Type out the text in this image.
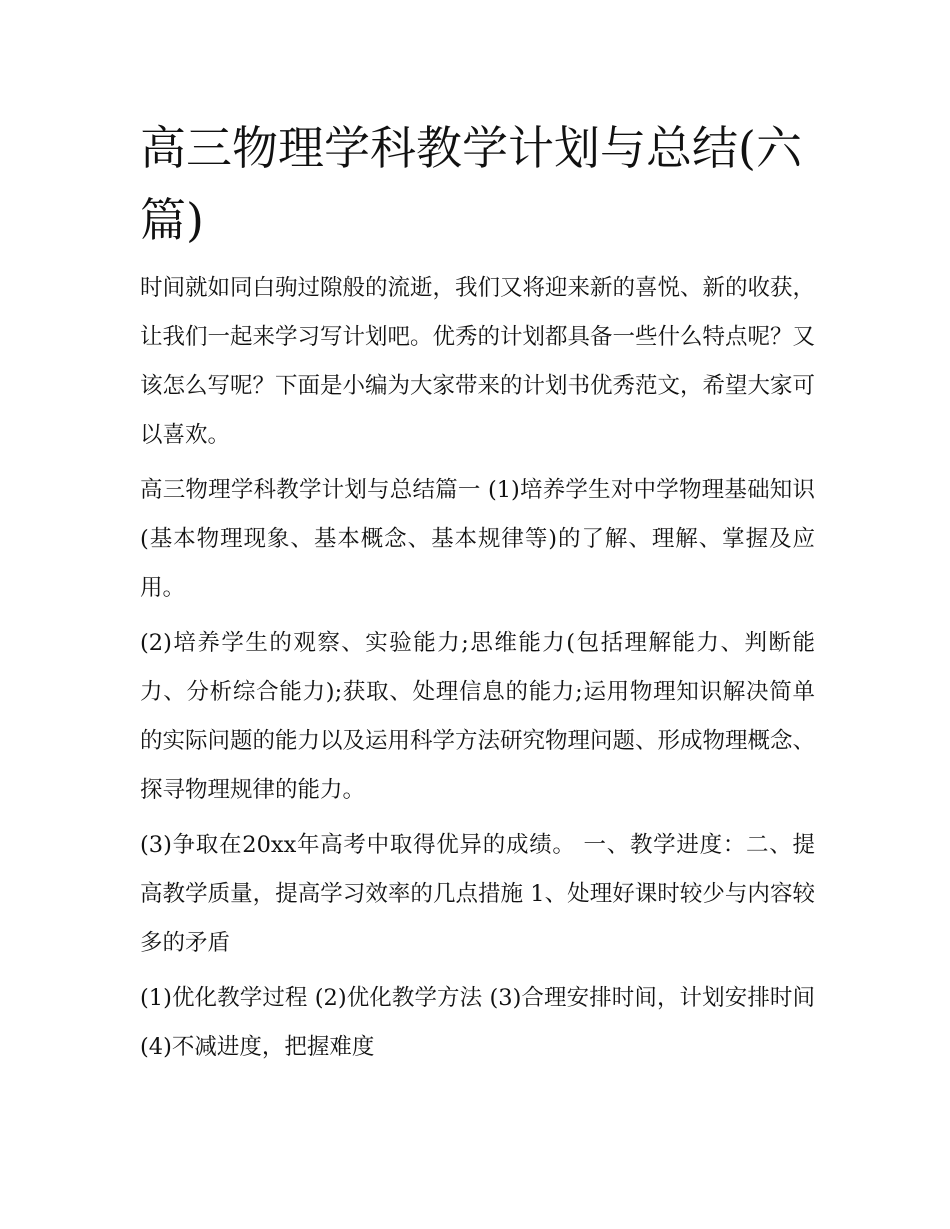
高三物理学科教学计划与总结(六篇)

时间就如同白驹过隙般的流逝，我们又将迎来新的喜悦、新的收获，让我们一起来学习写计划吧。优秀的计划都具备一些什么特点呢？又该怎么写呢？下面是小编为大家带来的计划书优秀范文，希望大家可以喜欢。

高三物理学科教学计划与总结篇一 (1)培养学生对中学物理基础知识(基本物理现象、基本概念、基本规律等)的了解、理解、掌握及应用。

(2)培养学生的观察、实验能力;思维能力(包括理解能力、判断能力、分析综合能力);获取、处理信息的能力;运用物理知识解决简单的实际问题的能力以及运用科学方法研究物理问题、形成物理概念、探寻物理规律的能力。

(3)争取在20xx年高考中取得优异的成绩。 一、教学进度：二、提高教学质量，提高学习效率的几点措施 1、处理好课时较少与内容较多的矛盾

(1)优化教学过程 (2)优化教学方法 (3)合理安排时间，计划安排时间 (4)不减进度，把握难度
